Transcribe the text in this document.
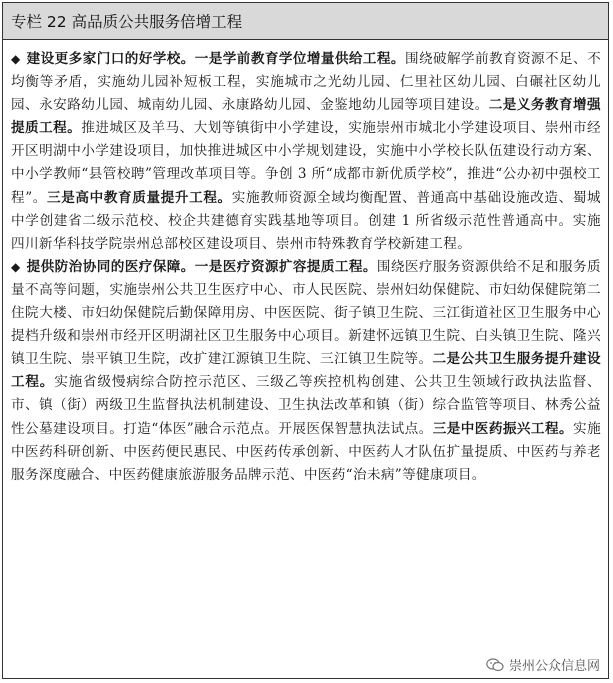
专栏 22 高品质公共服务倍增工程

◆ 建设更多家门口的好学校。一是学前教育学位增量供给工程。围绕破解学前教育资源不足、不均衡等矛盾，实施幼儿园补短板工程，实施城市之光幼儿园、仁里社区幼儿园、白碾社区幼儿园、永安路幼儿园、城南幼儿园、永康路幼儿园、金鉴地幼儿园等项目建设。二是义务教育增强提质工程。推进城区及羊马、大划等镇街中小学建设，实施崇州市城北小学建设项目、崇州市经开区明湖中小学建设项目，加快推进城区中小学规划建设，实施中小学校长队伍建设行动方案、中小学教师“县管校聘”管理改革项目等。争创 3 所“成都市新优质学校”，推进“公办初中强校工程”。三是高中教育质量提升工程。实施教师资源全域均衡配置、普通高中基础设施改造、蜀城中学创建省二级示范校、校企共建德育实践基地等项目。创建 1 所省级示范性普通高中。实施四川新华科技学院崇州总部校区建设项目、崇州市特殊教育学校新建工程。

◆ 提供防治协同的医疗保障。一是医疗资源扩容提质工程。围绕医疗服务资源供给不足和服务质量不高等问题，实施崇州公共卫生医疗中心、市人民医院、崇州妇幼保健院、市妇幼保健院第二住院大楼、市妇幼保健院后勤保障用房、中医医院、街子镇卫生院、三江街道社区卫生服务中心提档升级和崇州市经开区明湖社区卫生服务中心项目。新建怀远镇卫生院、白头镇卫生院、隆兴镇卫生院、崇平镇卫生院，改扩建江源镇卫生院、三江镇卫生院等。二是公共卫生服务提升建设工程。实施省级慢病综合防控示范区、三级乙等疾控机构创建、公共卫生领域行政执法监督、市、镇（街）两级卫生监督执法机制建设、卫生执法改革和镇（街）综合监管等项目、林秀公益性公墓建设项目。打造“体医”融合示范点。开展医保智慧执法试点。三是中医药振兴工程。实施中医药科研创新、中医药便民惠民、中医药传承创新、中医药人才队伍扩量提质、中医药与养老服务深度融合、中医药健康旅游服务品牌示范、中医药“治未病”等健康项目。

崇州公众信息网
